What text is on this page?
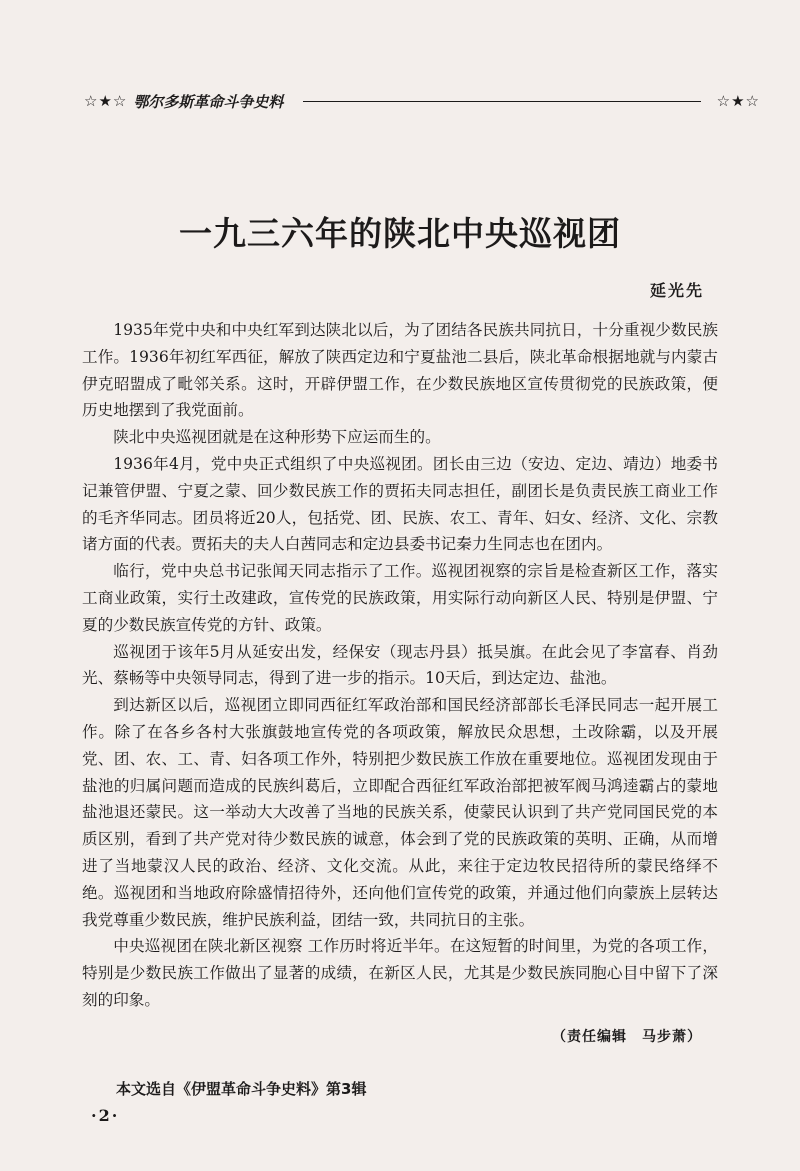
☆★☆ 鄂尔多斯革命斗争史料	☆★☆
一九三六年的陕北中央巡视团
延光先

1935年党中央和中央红军到达陕北以后，为了团结各民族共同抗日，十分重视少数民族工作。1936年初红军西征，解放了陕西定边和宁夏盐池二县后，陕北革命根据地就与内蒙古伊克昭盟成了毗邻关系。这时，开辟伊盟工作，在少数民族地区宣传贯彻党的民族政策，便历史地摆到了我党面前。

陕北中央巡视团就是在这种形势下应运而生的。

1936年4月，党中央正式组织了中央巡视团。团长由三边（安边、定边、靖边）地委书记兼管伊盟、宁夏之蒙、回少数民族工作的贾拓夫同志担任，副团长是负责民族工商业工作的毛齐华同志。团员将近20人，包括党、团、民族、农工、青年、妇女、经济、文化、宗教诸方面的代表。贾拓夫的夫人白茜同志和定边县委书记秦力生同志也在团内。

临行，党中央总书记张闻天同志指示了工作。巡视团视察的宗旨是检查新区工作，落实工商业政策，实行土改建政，宣传党的民族政策，用实际行动向新区人民、特别是伊盟、宁夏的少数民族宣传党的方针、政策。

巡视团于该年5月从延安出发，经保安（现志丹县）抵吴旗。在此会见了李富春、肖劲光、蔡畅等中央领导同志，得到了进一步的指示。10天后，到达定边、盐池。

到达新区以后，巡视团立即同西征红军政治部和国民经济部部长毛泽民同志一起开展工作。除了在各乡各村大张旗鼓地宣传党的各项政策，解放民众思想，土改除霸，以及开展党、团、农、工、青、妇各项工作外，特别把少数民族工作放在重要地位。巡视团发现由于盐池的归属问题而造成的民族纠葛后，立即配合西征红军政治部把被军阀马鸿逵霸占的蒙地盐池退还蒙民。这一举动大大改善了当地的民族关系，使蒙民认识到了共产党同国民党的本质区别，看到了共产党对待少数民族的诚意，体会到了党的民族政策的英明、正确，从而增进了当地蒙汉人民的政治、经济、文化交流。从此，来往于定边牧民招待所的蒙民络绎不绝。巡视团和当地政府除盛情招待外，还向他们宣传党的政策，并通过他们向蒙族上层转达我党尊重少数民族，维护民族利益，团结一致，共同抗日的主张。

中央巡视团在陕北新区视察 工作历时将近半年。在这短暂的时间里，为党的各项工作，特别是少数民族工作做出了显著的成绩，在新区人民，尤其是少数民族同胞心目中留下了深刻的印象。

（责任编辑　马步萧）
本文选自《伊盟革命斗争史料》第3辑
·2·
